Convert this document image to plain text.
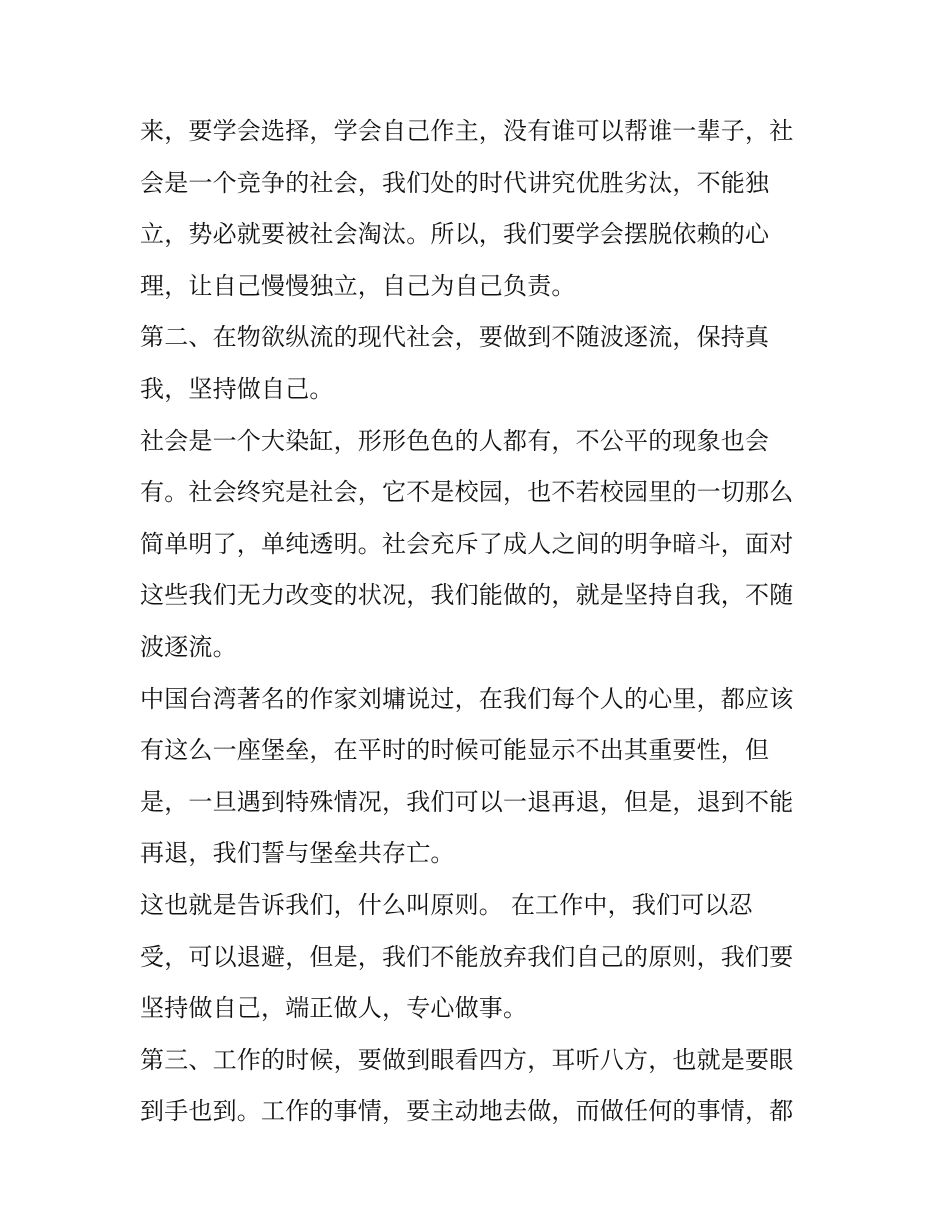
来，要学会选择，学会自己作主，没有谁可以帮谁一辈子，社
会是一个竞争的社会，我们处的时代讲究优胜劣汰，不能独
立，势必就要被社会淘汰。所以，我们要学会摆脱依赖的心
理，让自己慢慢独立，自己为自己负责。
第二、在物欲纵流的现代社会，要做到不随波逐流，保持真
我，坚持做自己。
社会是一个大染缸，形形色色的人都有，不公平的现象也会
有。社会终究是社会，它不是校园，也不若校园里的一切那么
简单明了，单纯透明。社会充斥了成人之间的明争暗斗，面对
这些我们无力改变的状况，我们能做的，就是坚持自我，不随
波逐流。
中国台湾著名的作家刘墉说过，在我们每个人的心里，都应该
有这么一座堡垒，在平时的时候可能显示不出其重要性，但
是，一旦遇到特殊情况，我们可以一退再退，但是，退到不能
再退，我们誓与堡垒共存亡。
这也就是告诉我们，什么叫原则。 在工作中，我们可以忍
受，可以退避，但是，我们不能放弃我们自己的原则，我们要
坚持做自己，端正做人，专心做事。
第三、工作的时候，要做到眼看四方，耳听八方，也就是要眼
到手也到。工作的事情，要主动地去做，而做任何的事情，都
